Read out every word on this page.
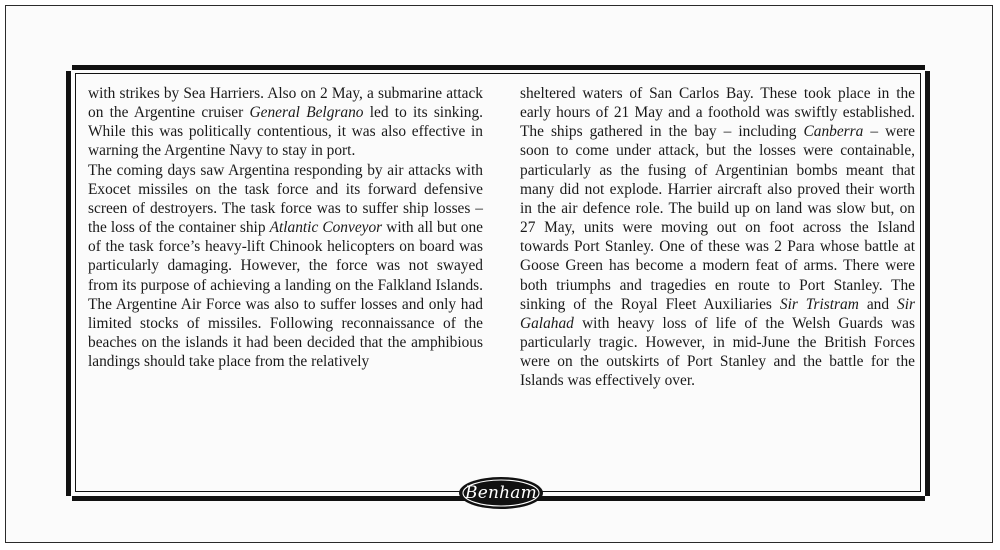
with strikes by Sea Harriers. Also on 2 May, a submarine attack on the Argentine cruiser General Belgrano led to its sinking. While this was politically contentious, it was also effective in warning the Argentine Navy to stay in port.
The coming days saw Argentina responding by air attacks with Exocet missiles on the task force and its forward defensive screen of destroyers. The task force was to suffer ship losses – the loss of the container ship Atlantic Conveyor with all but one of the task force’s heavy-lift Chinook helicopters on board was particularly damaging. However, the force was not swayed from its purpose of achieving a landing on the Falkland Islands. The Argentine Air Force was also to suffer losses and only had limited stocks of missiles. Following reconnaissance of the beaches on the islands it had been decided that the amphibious landings should take place from the relatively

sheltered waters of San Carlos Bay. These took place in the early hours of 21 May and a foothold was swiftly established. The ships gathered in the bay – including Canberra – were soon to come under attack, but the losses were containable, particularly as the fusing of Argentinian bombs meant that many did not explode. Harrier aircraft also proved their worth in the air defence role. The build up on land was slow but, on 27 May, units were moving out on foot across the Island towards Port Stanley. One of these was 2 Para whose battle at Goose Green has become a modern feat of arms. There were both triumphs and tragedies en route to Port Stanley. The sinking of the Royal Fleet Auxiliaries Sir Tristram and Sir Galahad with heavy loss of life of the Welsh Guards was particularly tragic. However, in mid-June the British Forces were on the outskirts of Port Stanley and the battle for the Islands was effectively over.

Benham
